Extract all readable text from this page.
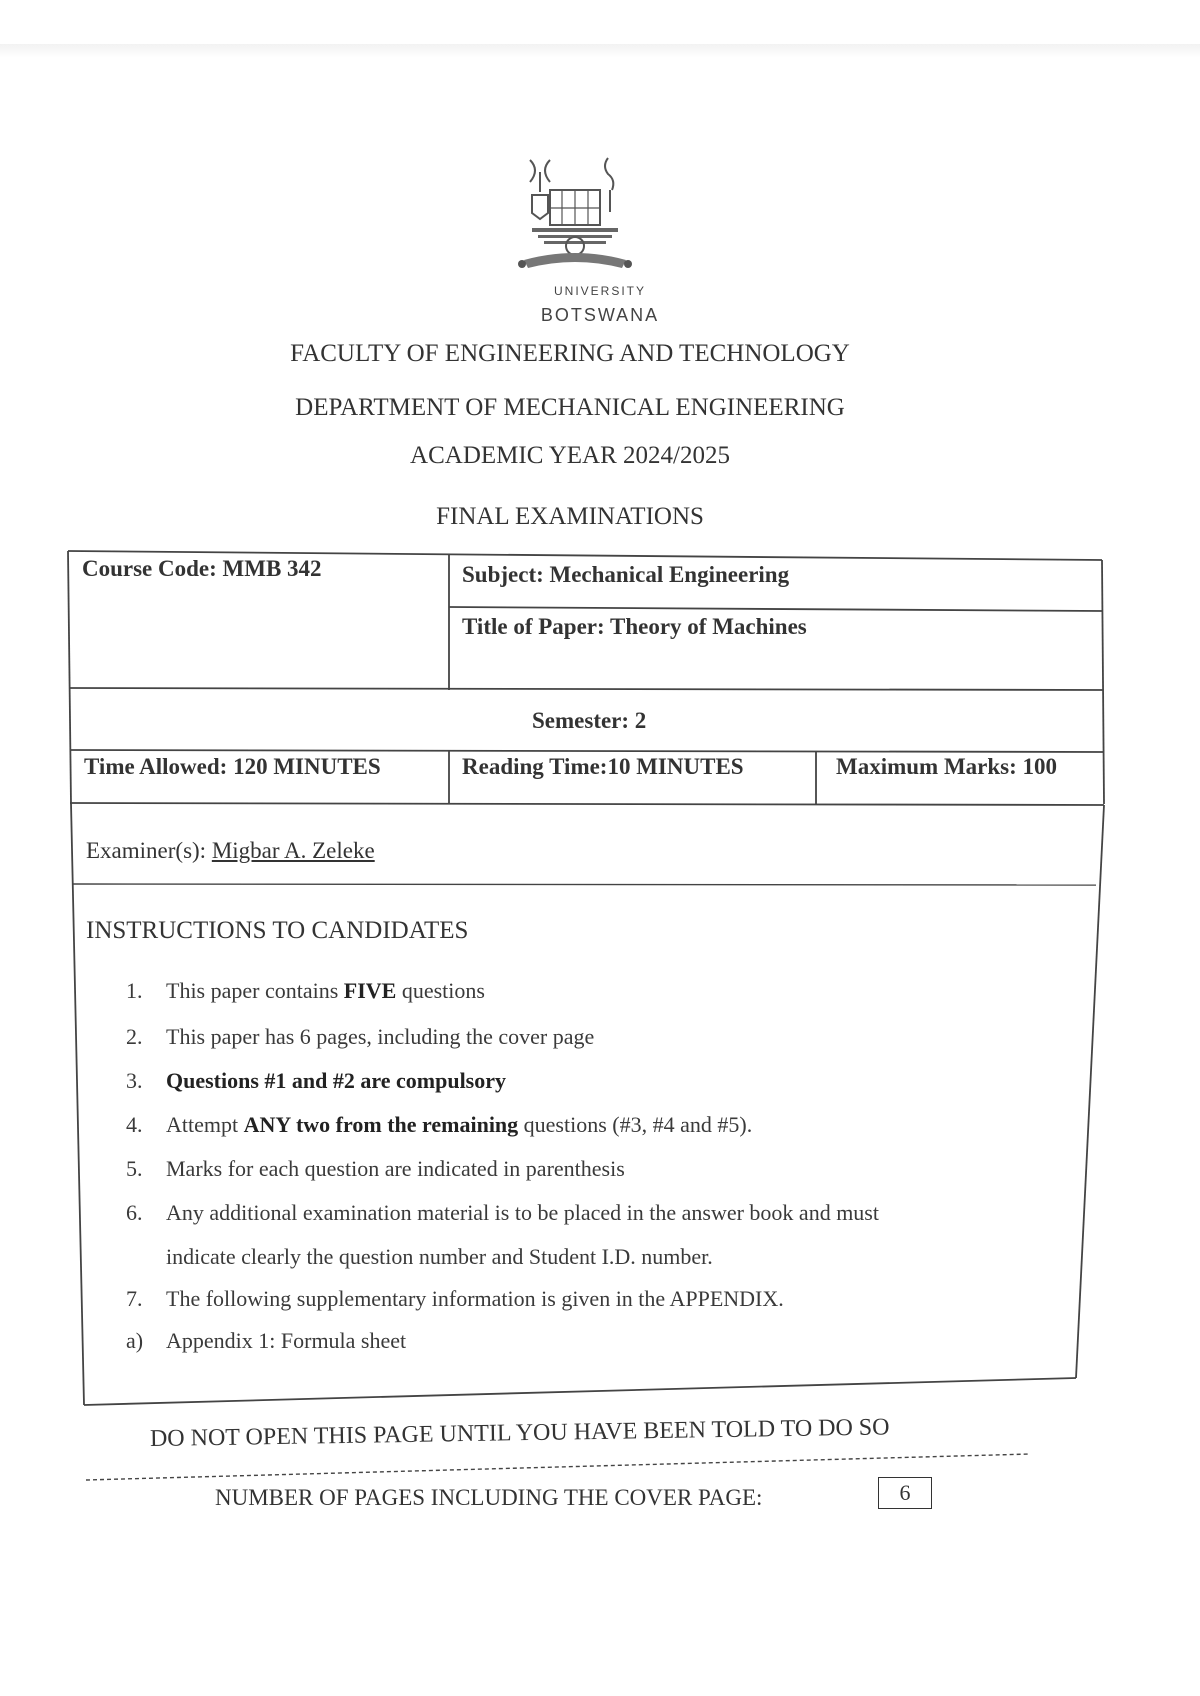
UNIVERSITY
BOTSWANA
FACULTY OF ENGINEERING AND TECHNOLOGY
DEPARTMENT OF MECHANICAL ENGINEERING
ACADEMIC YEAR 2024/2025
FINAL EXAMINATIONS
Course Code: MMB 342	Subject: Mechanical Engineering
Title of Paper: Theory of Machines
Semester: 2
Time Allowed: 120 MINUTES	Reading Time:10 MINUTES	Maximum Marks: 100
Examiner(s): Migbar A. Zeleke
INSTRUCTIONS TO CANDIDATES
1. This paper contains FIVE questions
2. This paper has 6 pages, including the cover page
3. Questions #1 and #2 are compulsory
4. Attempt ANY two from the remaining questions (#3, #4 and #5).
5. Marks for each question are indicated in parenthesis
6. Any additional examination material is to be placed in the answer book and must
indicate clearly the question number and Student I.D. number.
7. The following supplementary information is given in the APPENDIX.
a) Appendix 1: Formula sheet
DO NOT OPEN THIS PAGE UNTIL YOU HAVE BEEN TOLD TO DO SO
NUMBER OF PAGES INCLUDING THE COVER PAGE:	6
